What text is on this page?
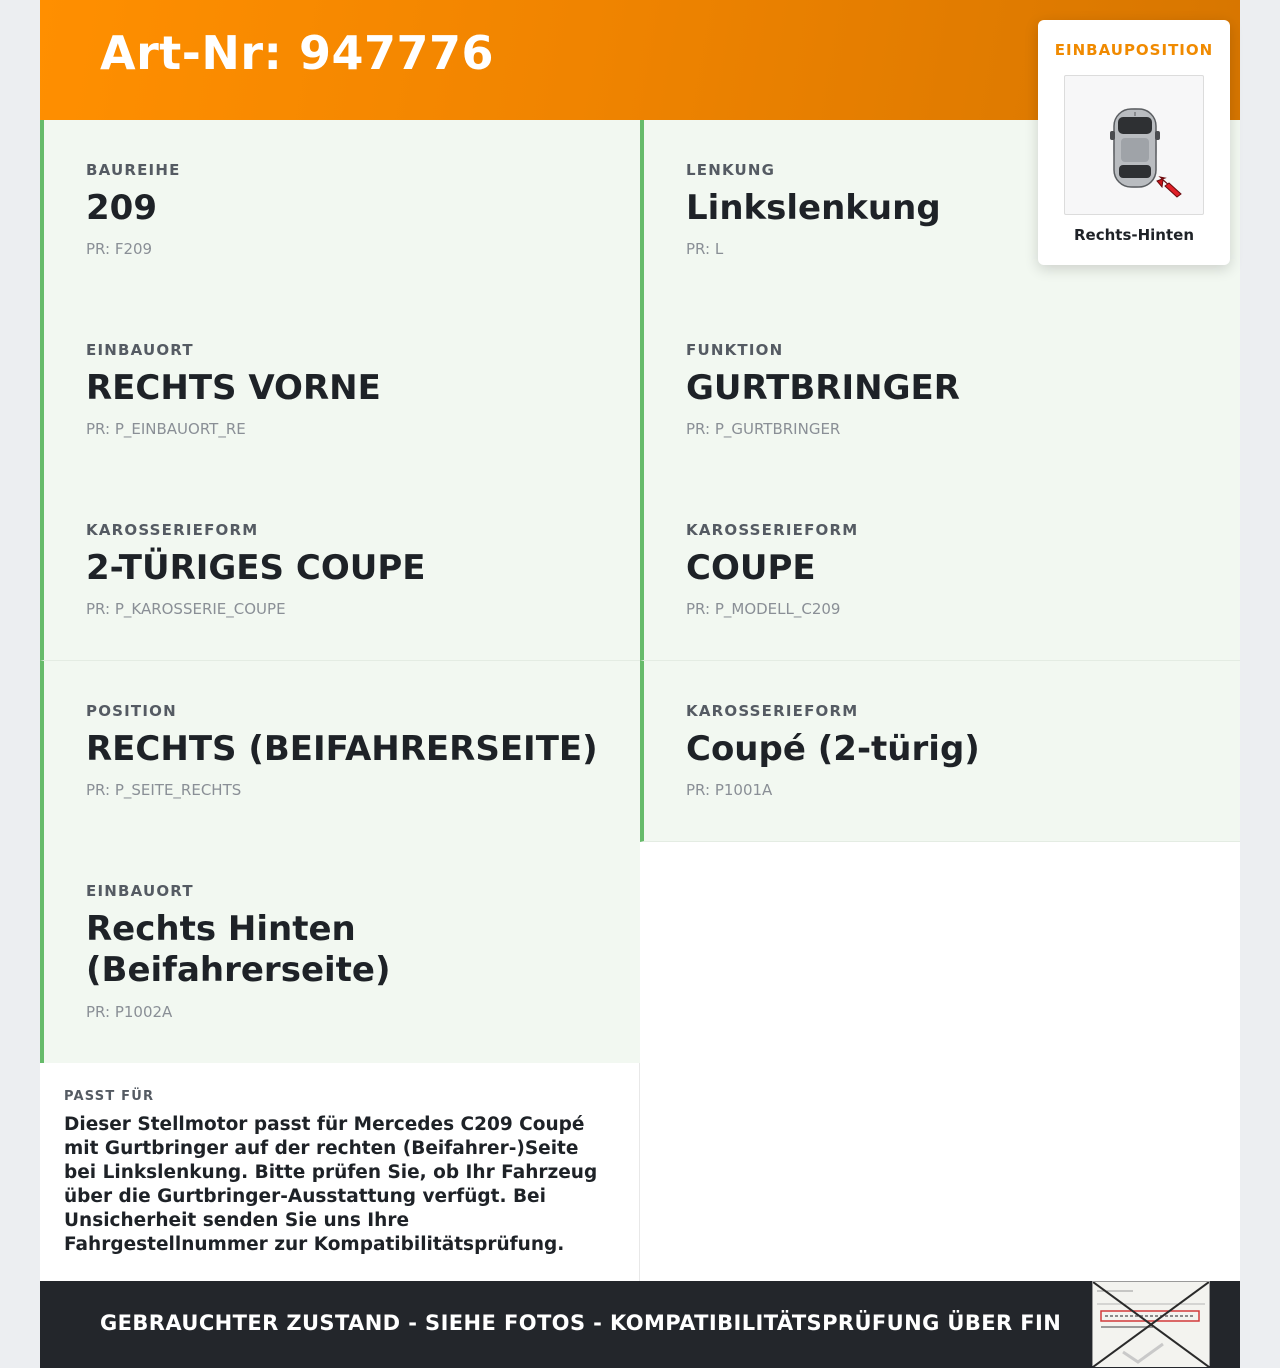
Art-Nr: 947776	EINBAUPOSITION
Rechts-Hinten
BAUREIHE
209
PR: F209
LENKUNG
Linkslenkung
PR: L
EINBAUORT
RECHTS VORNE
PR: P_EINBAUORT_RE
FUNKTION
GURTBRINGER
PR: P_GURTBRINGER
KAROSSERIEFORM
2-TÜRIGES COUPE
PR: P_KAROSSERIE_COUPE
KAROSSERIEFORM
COUPE
PR: P_MODELL_C209
POSITION
RECHTS (BEIFAHRERSEITE)
PR: P_SEITE_RECHTS
KAROSSERIEFORM
Coupé (2-türig)
PR: P1001A
EINBAUORT
Rechts Hinten (Beifahrerseite)
PR: P1002A
PASST FÜR
Dieser Stellmotor passt für Mercedes C209 Coupé mit Gurtbringer auf der rechten (Beifahrer-)Seite bei Linkslenkung. Bitte prüfen Sie, ob Ihr Fahrzeug über die Gurtbringer-Ausstattung verfügt. Bei Unsicherheit senden Sie uns Ihre Fahrgestellnummer zur Kompatibilitätsprüfung.
GEBRAUCHTER ZUSTAND - SIEHE FOTOS - KOMPATIBILITÄTSPRÜFUNG ÜBER FIN
